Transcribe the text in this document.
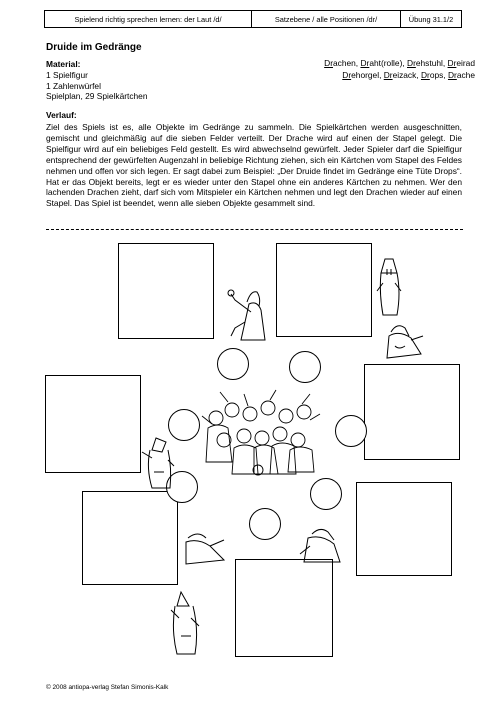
Spielend richtig sprechen lernen: der Laut /d/	Satzebene / alle Positionen /dr/	Übung 31.1/2
Druide im Gedränge
Material:
1 Spielfigur
1 Zahlenwürfel
Spielplan, 29 Spielkärtchen
Drachen, Draht(rolle), Drehstuhl, Dreirad
Drehorgel, Dreizack, Drops, Drache
Verlauf:
Ziel des Spiels ist es, alle Objekte im Gedränge zu sammeln. Die Spielkärtchen werden ausgeschnitten, gemischt und gleichmäßig auf die sieben Felder verteilt. Der Drache wird auf einen der Stapel gelegt. Die Spielfigur wird auf ein beliebiges Feld gestellt. Es wird abwechselnd gewürfelt. Jeder Spieler darf die Spielfigur entsprechend der gewürfelten Augenzahl in beliebige Richtung ziehen, sich ein Kärtchen vom Stapel des Feldes nehmen und offen vor sich legen. Er sagt dabei zum Beispiel: „Der Druide findet im Gedränge eine Tüte Drops“. Hat er das Objekt bereits, legt er es wieder unter den Stapel ohne ein anderes Kärtchen zu nehmen. Wer den lachenden Drachen zieht, darf sich vom Mitspieler ein Kärtchen nehmen und legt den Drachen wieder auf einen Stapel. Das Spiel ist beendet, wenn alle sieben Objekte gesammelt sind.
© 2008 antiopa-verlag Stefan Simonis-Kalk
